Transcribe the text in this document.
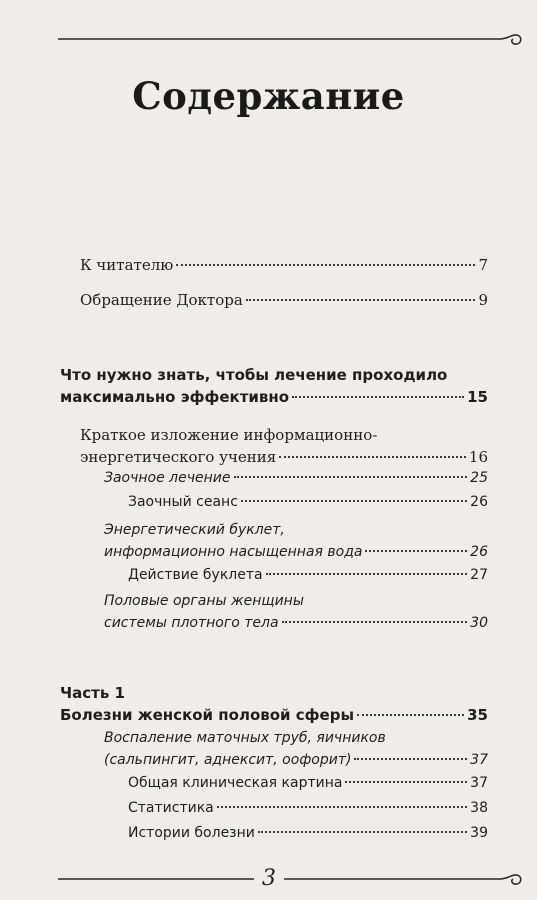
Содержание
К читателю	7
Обращение Доктора	9
Что нужно знать, чтобы лечение проходило
максимально эффективно	15
Краткое изложение информационно-
энергетического учения	16
Заочное лечение	25
Заочный сеанс	26
Энергетический буклет,
информационно насыщенная вода	26
Действие буклета	27
Половые органы женщины
системы плотного тела	30
Часть 1
Болезни женской половой сферы	35
Воспаление маточных труб, яичников
(сальпингит, аднексит, оофорит)	37
Общая клиническая картина	37
Статистика	38
Истории болезни	39
3
